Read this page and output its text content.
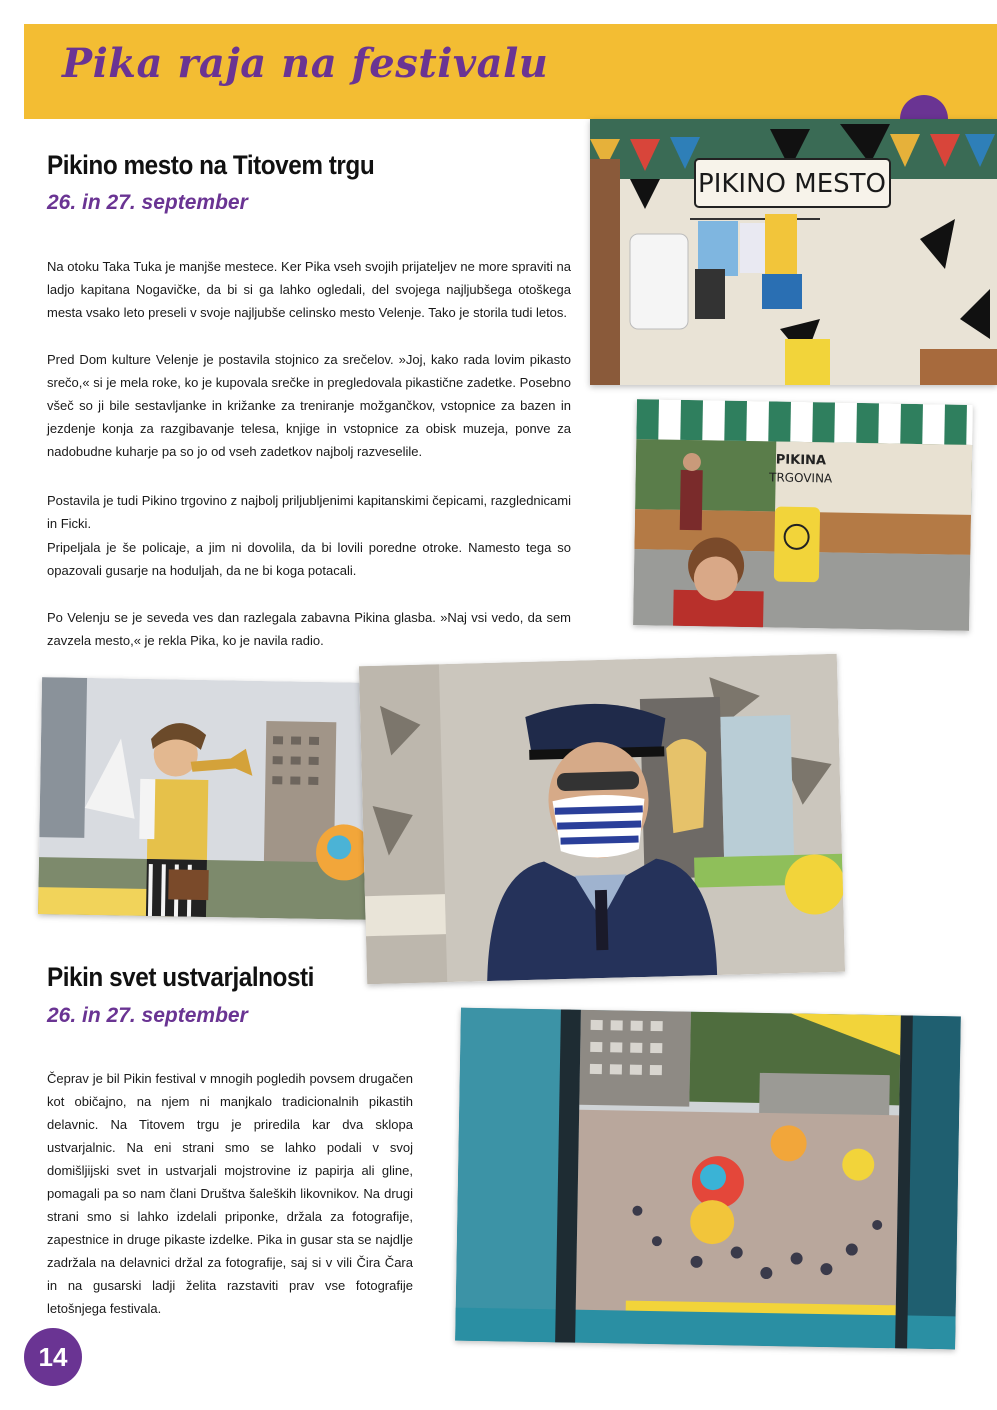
Pika raja na festivalu
Pikino mesto na Titovem trgu
26. in 27. september

Na otoku Taka Tuka je manjše mestece. Ker Pika vseh svojih prijateljev ne more spraviti na ladjo kapitana Nogavičke, da bi si ga lahko ogledali, del svojega najljubšega otoškega mesta vsako leto preseli v svoje najljubše celinsko mesto Velenje. Tako je storila tudi letos.

Pred Dom kulture Velenje je postavila stojnico za srečelov. »Joj, kako rada lovim pikasto srečo,« si je mela roke, ko je kupovala srečke in pregledovala pikastične zadetke. Posebno všeč so ji bile sestavljanke in križanke za treniranje možgančkov, vstopnice za bazen in jezdenje konja za razgibavanje telesa, knjige in vstopnice za obisk muzeja, ponve za nadobudne kuharje pa so jo od vseh zadetkov najbolj razveselile.

Postavila je tudi Pikino trgovino z najbolj priljubljenimi kapitanskimi čepicami, razglednicami in Ficki.

Pripeljala je še policaje, a jim ni dovolila, da bi lovili poredne otroke. Namesto tega so opazovali gusarje na hoduljah, da ne bi koga potacali.

Po Velenju se je seveda ves dan razlegala zabavna Pikina glasba. »Naj vsi vedo, da sem zavzela mesto,« je rekla Pika, ko je navila radio.

PIKINO MESTO
PIKINA
TRGOVINA
Pikin svet ustvarjalnosti
26. in 27. september

Čeprav je bil Pikin festival v mnogih pogledih povsem drugačen kot običajno, na njem ni manjkalo tradicionalnih pikastih delavnic. Na Titovem trgu je priredila kar dva sklopa ustvarjalnic. Na eni strani smo se lahko podali v svoj domišljijski svet in ustvarjali mojstrovine iz papirja ali gline, pomagali pa so nam člani Društva šaleških likovnikov. Na drugi strani smo si lahko izdelali priponke, držala za fotografije, zapestnice in druge pikaste izdelke. Pika in gusar sta se najdlje zadržala na delavnici držal za fotografije, saj si v vili Čira Čara in na gusarski ladji želita razstaviti prav vse fotografije letošnjega festivala.

14
